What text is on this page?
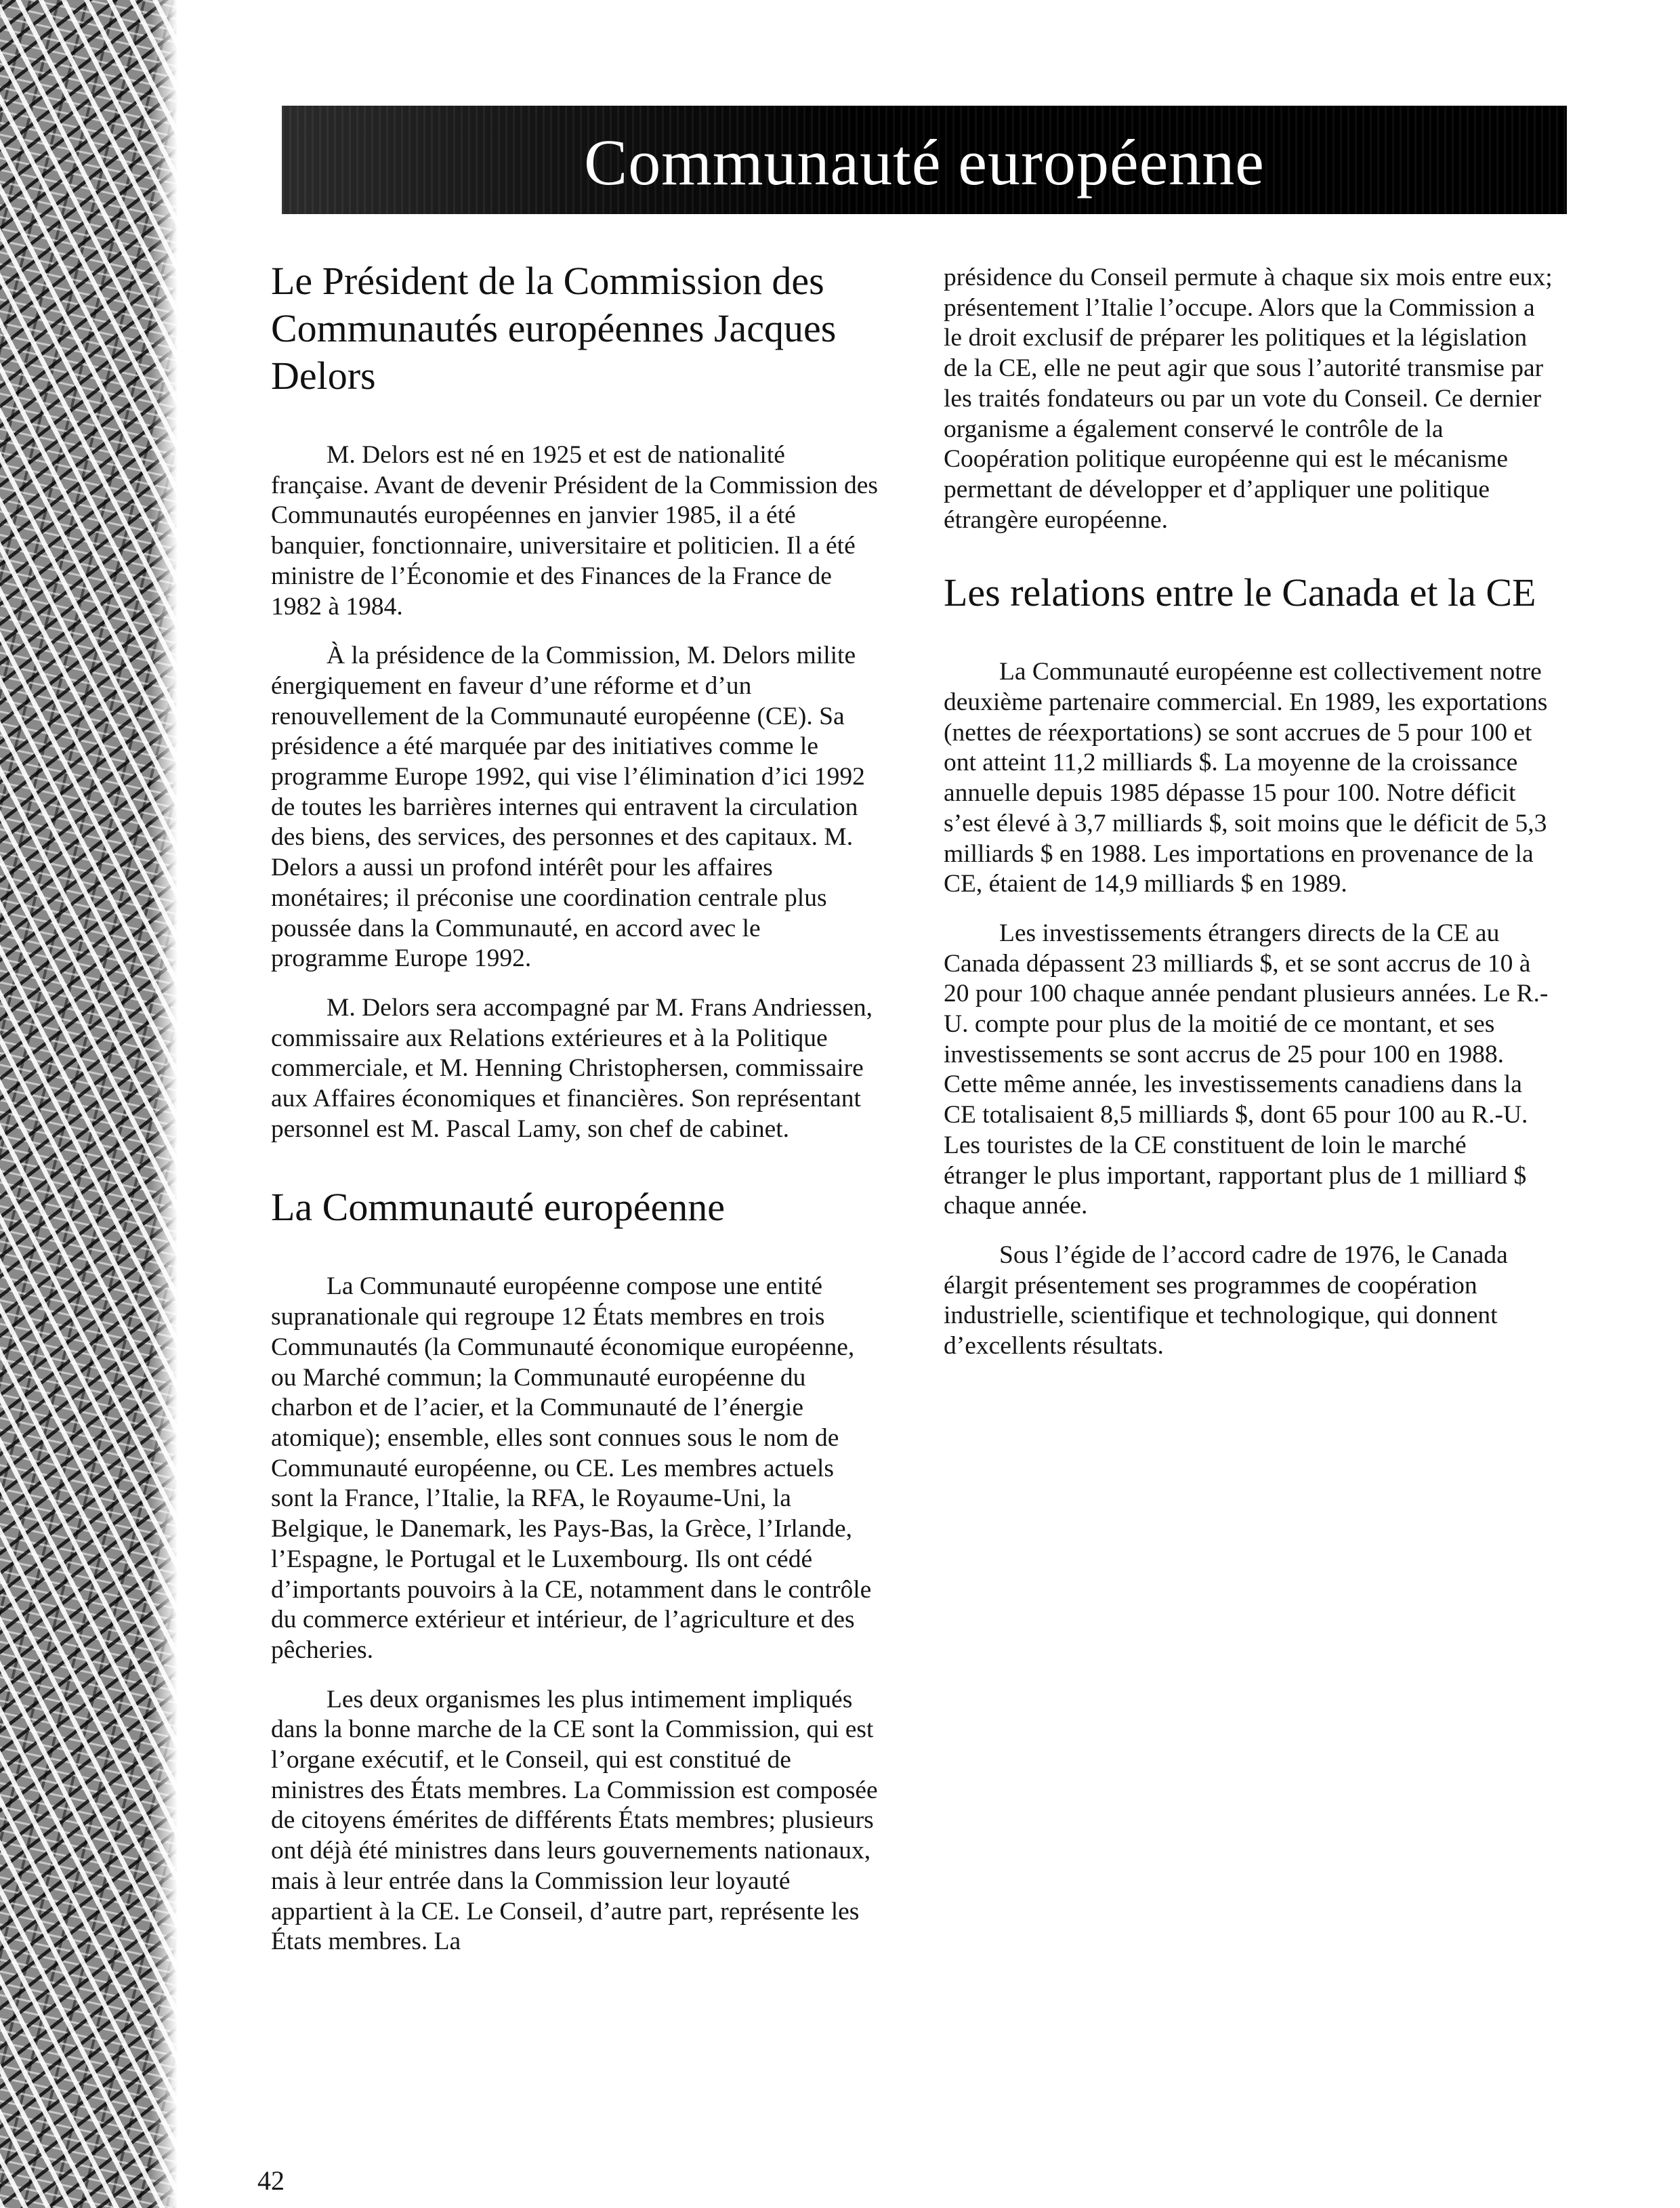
Communauté européenne
Le Président de la Commission des Communautés européennes Jacques Delors

M. Delors est né en 1925 et est de nationalité française. Avant de devenir Président de la Commission des Communautés européennes en janvier 1985, il a été banquier, fonctionnaire, universitaire et politicien. Il a été ministre de l’Économie et des Finances de la France de 1982 à 1984.

À la présidence de la Commission, M. Delors milite énergiquement en faveur d’une réforme et d’un renouvellement de la Communauté européenne (CE). Sa présidence a été marquée par des initiatives comme le programme Europe 1992, qui vise l’élimination d’ici 1992 de toutes les barrières internes qui entravent la circulation des biens, des services, des personnes et des capitaux. M. Delors a aussi un profond intérêt pour les affaires monétaires; il préconise une coordination centrale plus poussée dans la Communauté, en accord avec le programme Europe 1992.

M. Delors sera accompagné par M. Frans Andriessen, commissaire aux Relations extérieures et à la Politique commerciale, et M. Henning Christophersen, commissaire aux Affaires économiques et financières. Son représentant personnel est M. Pascal Lamy, son chef de cabinet.

La Communauté européenne

La Communauté européenne compose une entité supranationale qui regroupe 12 États membres en trois Communautés (la Communauté économique européenne, ou Marché commun; la Communauté européenne du charbon et de l’acier, et la Communauté de l’énergie atomique); ensemble, elles sont connues sous le nom de Communauté européenne, ou CE. Les membres actuels sont la France, l’Italie, la RFA, le Royaume-Uni, la Belgique, le Danemark, les Pays-Bas, la Grèce, l’Irlande, l’Espagne, le Portugal et le Luxembourg. Ils ont cédé d’importants pouvoirs à la CE, notamment dans le contrôle du commerce extérieur et intérieur, de l’agriculture et des pêcheries.

Les deux organismes les plus intimement impliqués dans la bonne marche de la CE sont la Commission, qui est l’organe exécutif, et le Conseil, qui est constitué de ministres des États membres. La Commission est composée de citoyens émérites de différents États membres; plusieurs ont déjà été ministres dans leurs gouvernements nationaux, mais à leur entrée dans la Commission leur loyauté appartient à la CE. Le Conseil, d’autre part, représente les États membres. La

présidence du Conseil permute à chaque six mois entre eux; présentement l’Italie l’occupe. Alors que la Commission a le droit exclusif de préparer les politiques et la législation de la CE, elle ne peut agir que sous l’autorité transmise par les traités fondateurs ou par un vote du Conseil. Ce dernier organisme a également conservé le contrôle de la Coopération politique européenne qui est le mécanisme permettant de développer et d’appliquer une politique étrangère européenne.

Les relations entre le Canada et la CE

La Communauté européenne est collectivement notre deuxième partenaire commercial. En 1989, les exportations (nettes de réexportations) se sont accrues de 5 pour 100 et ont atteint 11,2 milliards $. La moyenne de la croissance annuelle depuis 1985 dépasse 15 pour 100. Notre déficit s’est élevé à 3,7 milliards $, soit moins que le déficit de 5,3 milliards $ en 1988. Les importations en provenance de la CE, étaient de 14,9 milliards $ en 1989.

Les investissements étrangers directs de la CE au Canada dépassent 23 milliards $, et se sont accrus de 10 à 20 pour 100 chaque année pendant plusieurs années. Le R.-U. compte pour plus de la moitié de ce montant, et ses investissements se sont accrus de 25 pour 100 en 1988. Cette même année, les investissements canadiens dans la CE totalisaient 8,5 milliards $, dont 65 pour 100 au R.-U. Les touristes de la CE constituent de loin le marché étranger le plus important, rapportant plus de 1 milliard $ chaque année.

Sous l’égide de l’accord cadre de 1976, le Canada élargit présentement ses programmes de coopération industrielle, scientifique et technologique, qui donnent d’excellents résultats.

42
